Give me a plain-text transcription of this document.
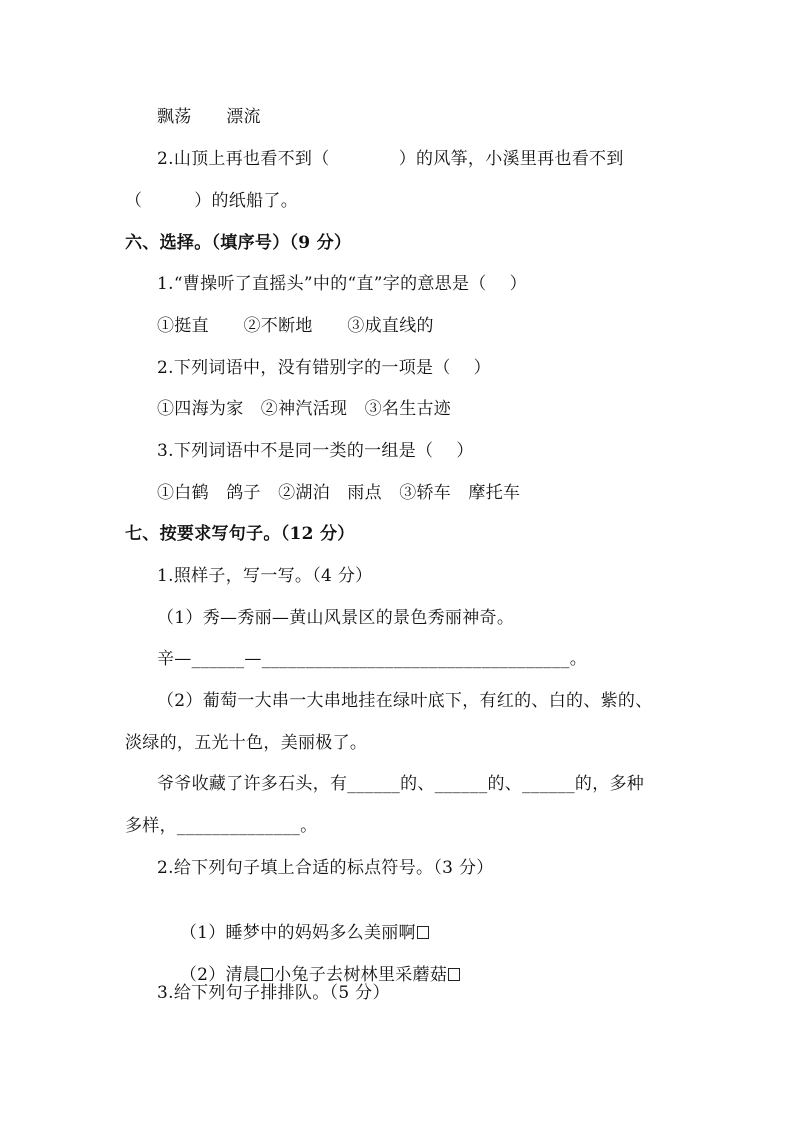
飘荡　　漂流
2.山顶上再也看不到（　　　　）的风筝，小溪里再也看不到
（　　　）的纸船了。
六、选择。（填序号）（9 分）
1.“曹操听了直摇头”中的“直”字的意思是（　 ）
①挺直　　②不断地　　③成直线的
2.下列词语中，没有错别字的一项是（　 ）
①四海为家　②神汽活现　③名生古迹
3.下列词语中不是同一类的一组是（　 ）
①白鹤　鸽子　②湖泊　雨点　③轿车　摩托车
七、按要求写句子。（12 分）
1.照样子，写一写。（4 分）
（1）秀—秀丽—黄山风景区的景色秀丽神奇。
辛—______—___________________________________。
（2）葡萄一大串一大串地挂在绿叶底下，有红的、白的、紫的、
淡绿的，五光十色，美丽极了。
爷爷收藏了许多石头，有______的、______的、______的，多种
多样，______________。
2.给下列句子填上合适的标点符号。（3 分）

（1）睡梦中的妈妈多么美丽啊

（2）清晨 小兔子去树林里采蘑菇

3.给下列句子排排队。（5 分）
